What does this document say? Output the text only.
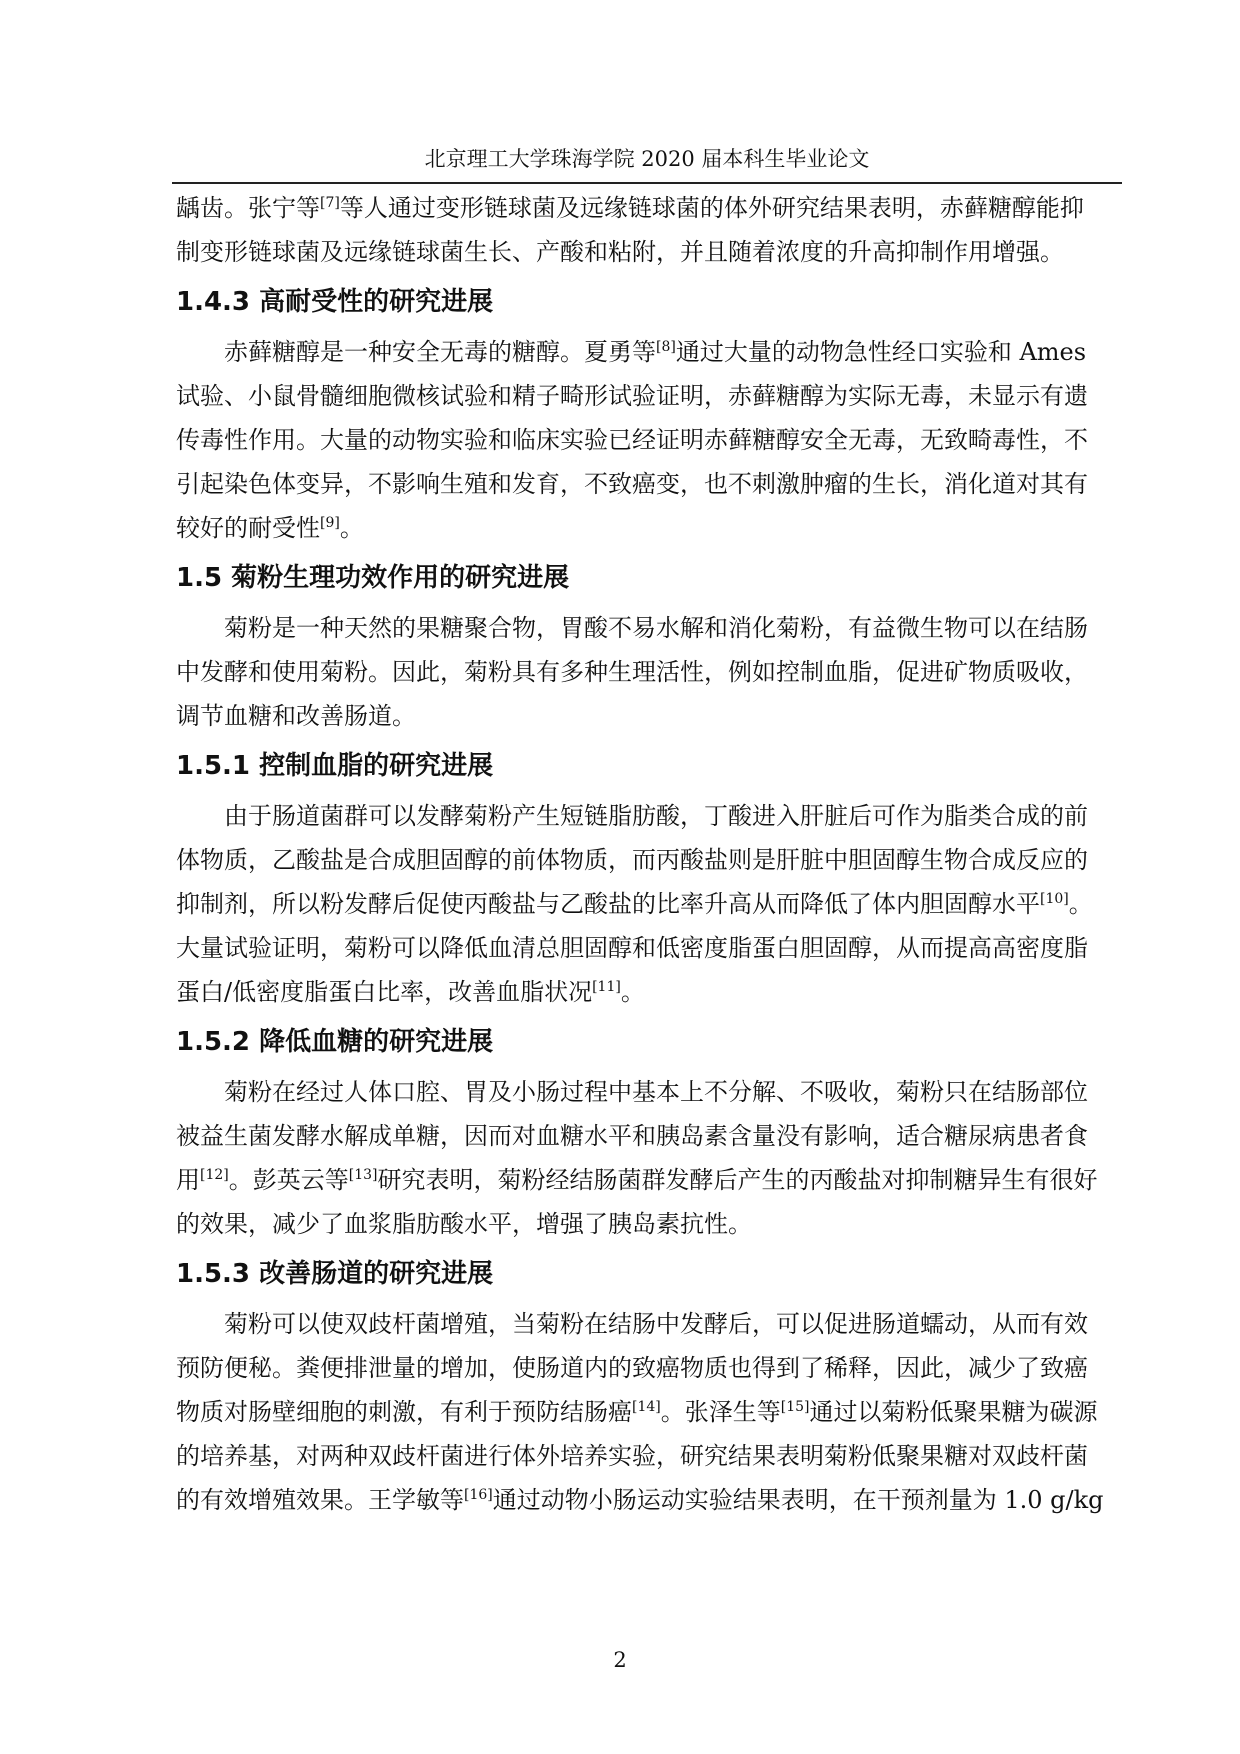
北京理工大学珠海学院 2020 届本科生毕业论文
龋齿。张宁等[7]等人通过变形链球菌及远缘链球菌的体外研究结果表明，赤藓糖醇能抑
制变形链球菌及远缘链球菌生长、产酸和粘附，并且随着浓度的升高抑制作用增强。
1.4.3 高耐受性的研究进展
赤藓糖醇是一种安全无毒的糖醇。夏勇等[8]通过大量的动物急性经口实验和 Ames
试验、小鼠骨髓细胞微核试验和精子畸形试验证明，赤藓糖醇为实际无毒，未显示有遗
传毒性作用。大量的动物实验和临床实验已经证明赤藓糖醇安全无毒，无致畸毒性，不
引起染色体变异，不影响生殖和发育，不致癌变，也不刺激肿瘤的生长，消化道对其有
较好的耐受性[9]。
1.5 菊粉生理功效作用的研究进展
菊粉是一种天然的果糖聚合物，胃酸不易水解和消化菊粉，有益微生物可以在结肠
中发酵和使用菊粉。因此，菊粉具有多种生理活性，例如控制血脂，促进矿物质吸收，
调节血糖和改善肠道。
1.5.1 控制血脂的研究进展
由于肠道菌群可以发酵菊粉产生短链脂肪酸，丁酸进入肝脏后可作为脂类合成的前
体物质，乙酸盐是合成胆固醇的前体物质，而丙酸盐则是肝脏中胆固醇生物合成反应的
抑制剂，所以粉发酵后促使丙酸盐与乙酸盐的比率升高从而降低了体内胆固醇水平[10]。
大量试验证明，菊粉可以降低血清总胆固醇和低密度脂蛋白胆固醇，从而提高高密度脂
蛋白/低密度脂蛋白比率，改善血脂状况[11]。
1.5.2 降低血糖的研究进展
菊粉在经过人体口腔、胃及小肠过程中基本上不分解、不吸收，菊粉只在结肠部位
被益生菌发酵水解成单糖，因而对血糖水平和胰岛素含量没有影响，适合糖尿病患者食
用[12]。彭英云等[13]研究表明，菊粉经结肠菌群发酵后产生的丙酸盐对抑制糖异生有很好
的效果，减少了血浆脂肪酸水平，增强了胰岛素抗性。
1.5.3 改善肠道的研究进展
菊粉可以使双歧杆菌增殖，当菊粉在结肠中发酵后，可以促进肠道蠕动，从而有效
预防便秘。粪便排泄量的增加，使肠道内的致癌物质也得到了稀释，因此，减少了致癌
物质对肠壁细胞的刺激，有利于预防结肠癌[14]。张泽生等[15]通过以菊粉低聚果糖为碳源
的培养基，对两种双歧杆菌进行体外培养实验，研究结果表明菊粉低聚果糖对双歧杆菌
的有效增殖效果。王学敏等[16]通过动物小肠运动实验结果表明，在干预剂量为 1.0 g/kg
2
